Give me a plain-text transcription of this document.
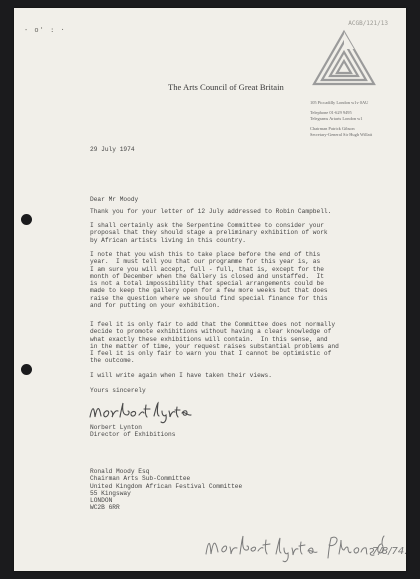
- o' : ·
ACGB/121/13
The Arts Council of Great Britain
105 Piccadilly London w1v 0AU
Telephone 01-629 9495
Telegrams Artarts London w1
Chairman Patrick Gibson
Secretary-General Sir Hugh Willatt
29 July 1974
Dear Mr Moody
Thank you for your letter of 12 July addressed to Robin Campbell.
I shall certainly ask the Serpentine Committee to consider your
proposal that they should stage a preliminary exhibition of work
by African artists living in this country.
I note that you wish this to take place before the end of this
year.  I must tell you that our programme for this year is, as
I am sure you will accept, full - full, that is, except for the
month of December when the Gallery is closed and unstaffed.  It
is not a total impossibility that special arrangements could be
made to keep the gallery open for a few more weeks but that does
raise the question where we should find special finance for this
and for putting on your exhibition.
I feel it is only fair to add that the Committee does not normally
decide to promote exhibitions without having a clear knowledge of
what exactly these exhibitions will contain.  In this sense, and
in the matter of time, your request raises substantial problems and
I feel it is only fair to warn you that I cannot be optimistic of
the outcome.
I will write again when I have taken their views.
Yours sincerely
Norbert Lynton
Director of Exhibitions
Ronald Moody Esq
Chairman Arts Sub-Committee
United Kingdom African Festival Committee
55 Kingsway
LONDON
WC2B 6RR
7/8/74.
